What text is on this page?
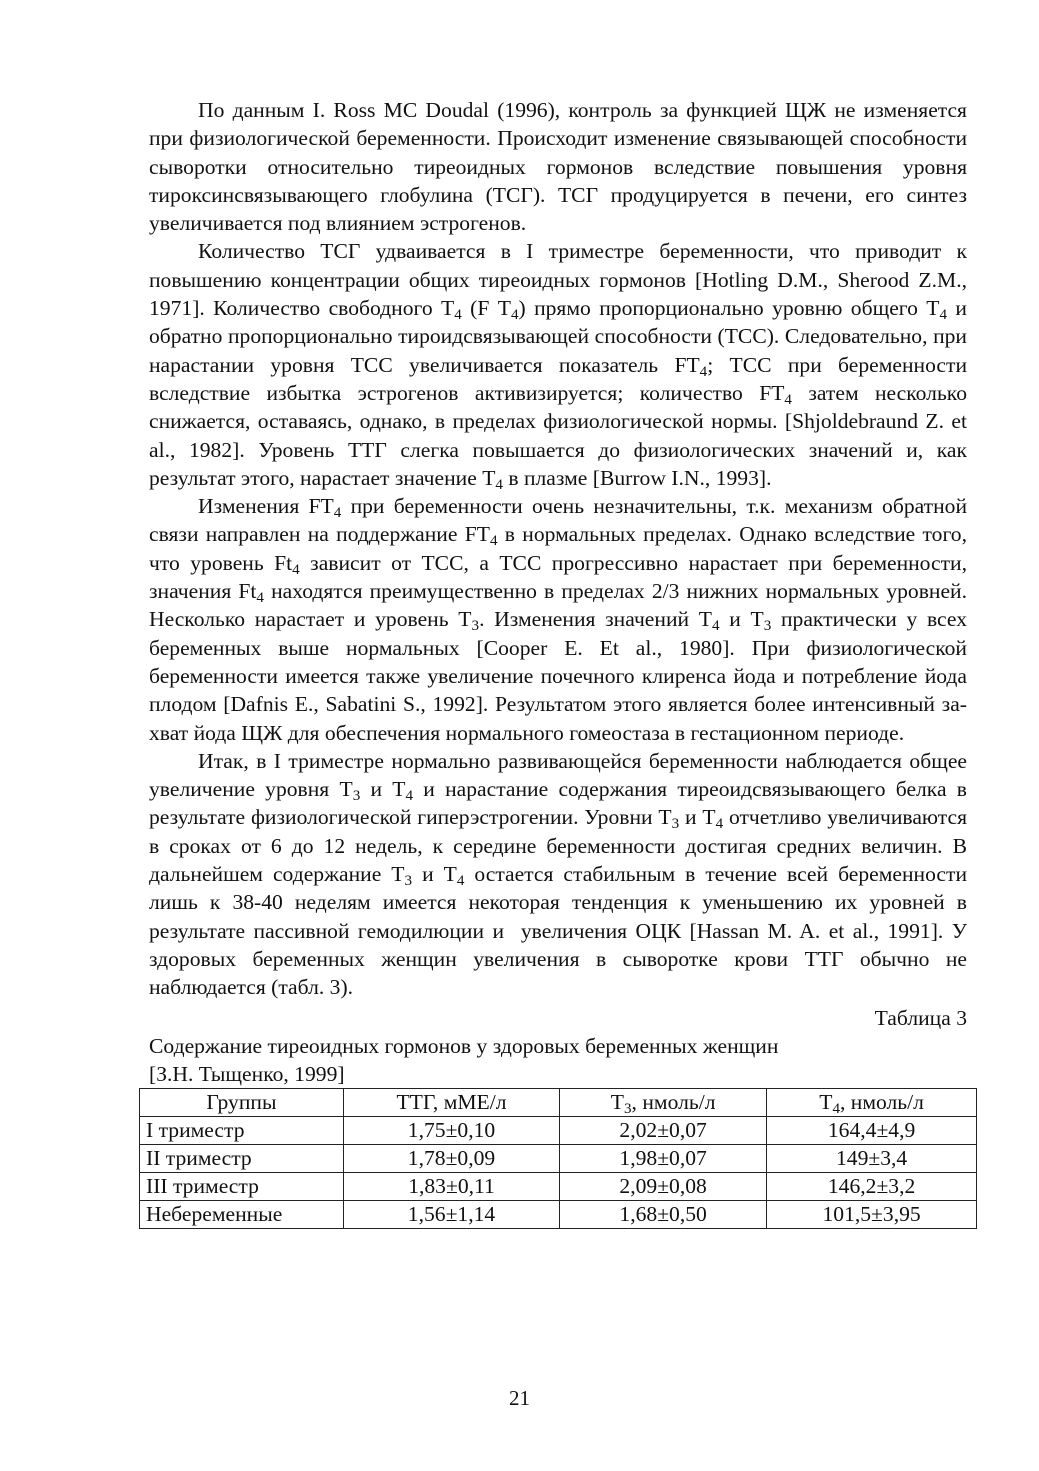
По данным I. Ross MC Doudal (1996), контроль за функцией ЩЖ не изменяется при физиологической беременности. Происходит изменение связывающей способности сыворотки относительно тиреоидных гормонов вследствие повышения уровня тироксинсвязывающего глобулина (ТСГ). ТСГ продуцируется в печени, его синтез увеличивается под влиянием эстрогенов.

Количество ТСГ удваивается в I триместре беременности, что приводит к повышению концентрации общих тиреоидных гормонов [Hotling D.M., Sherood Z.M., 1971]. Количество свободного $Т_4$ (F $Т_4$) прямо пропорционально уровню общего $Т_4$ и обратно пропорционально тироидсвязывающей способности (ТСС). Следовательно, при нарастании уровня ТСС увеличивается показатель $FT_4$; ТСС при беременности вследствие избытка эстрогенов активизируется; количество $FT_4$ затем несколько снижается, оставаясь, однако, в пределах физиологической нормы. [Shjoldebraund Z. et al., 1982]. Уровень ТТГ слегка повышается до физиологических значений и, как результат этого, нарастает значение $Т_4$ в плазме [Burrow I.N., 1993].

Изменения $FT_4$ при беременности очень незначительны, т.к. механизм обратной связи направлен на поддержание $FT_4$ в нормальных пределах. Однако вследствие того, что уровень $Ft_4$ зависит от ТСС, а ТСС прогрессивно нарастает при беременности, значения $Ft_4$ находятся преимущественно в пределах 2/3 нижних нормальных уровней. Несколько нарастает и уровень $Т_3$. Изменения значений $Т_4$ и $Т_3$ практически у всех беременных выше нормальных [Cooper E. Et al., 1980]. При физиологической беременности имеется также увеличение почечного клиренса йода и потребление йода плодом [Dafnis E., Sabatini S., 1992]. Результатом этого является более интенсивный захват йода ЩЖ для обеспечения нормального гомеостаза в гестационном периоде.

Итак, в I триместре нормально развивающейся беременности наблюдается общее увеличение уровня $Т_3$ и $Т_4$ и нарастание содержания тиреоидсвязывающего белка в результате физиологической гиперэстрогении. Уровни $Т_3$ и $Т_4$ отчетливо увеличиваются в сроках от 6 до 12 недель, к середине беременности достигая средних величин. В дальнейшем содержание $Т_3$ и $Т_4$ остается стабильным в течение всей беременности лишь к 38-40 неделям имеется некоторая тенденция к уменьшению их уровней в результате пассивной гемодилюции и  увеличения ОЦК [Hassan M. A. et al., 1991]. У здоровых беременных женщин увеличения в сыворотке крови ТТГ обычно не наблюдается (табл. 3).

Таблица 3

Содержание тиреоидных гормонов у здоровых беременных женщин

[З.Н. Тыщенко, 1999]

Группы	ТТГ, мМЕ/л	$Т_3$, нмоль/л	$Т_4$, нмоль/л
I триместр	1,75±0,10	2,02±0,07	164,4±4,9
II триместр	1,78±0,09	1,98±0,07	149±3,4
III триместр	1,83±0,11	2,09±0,08	146,2±3,2
Небеременные	1,56±1,14	1,68±0,50	101,5±3,95
21
